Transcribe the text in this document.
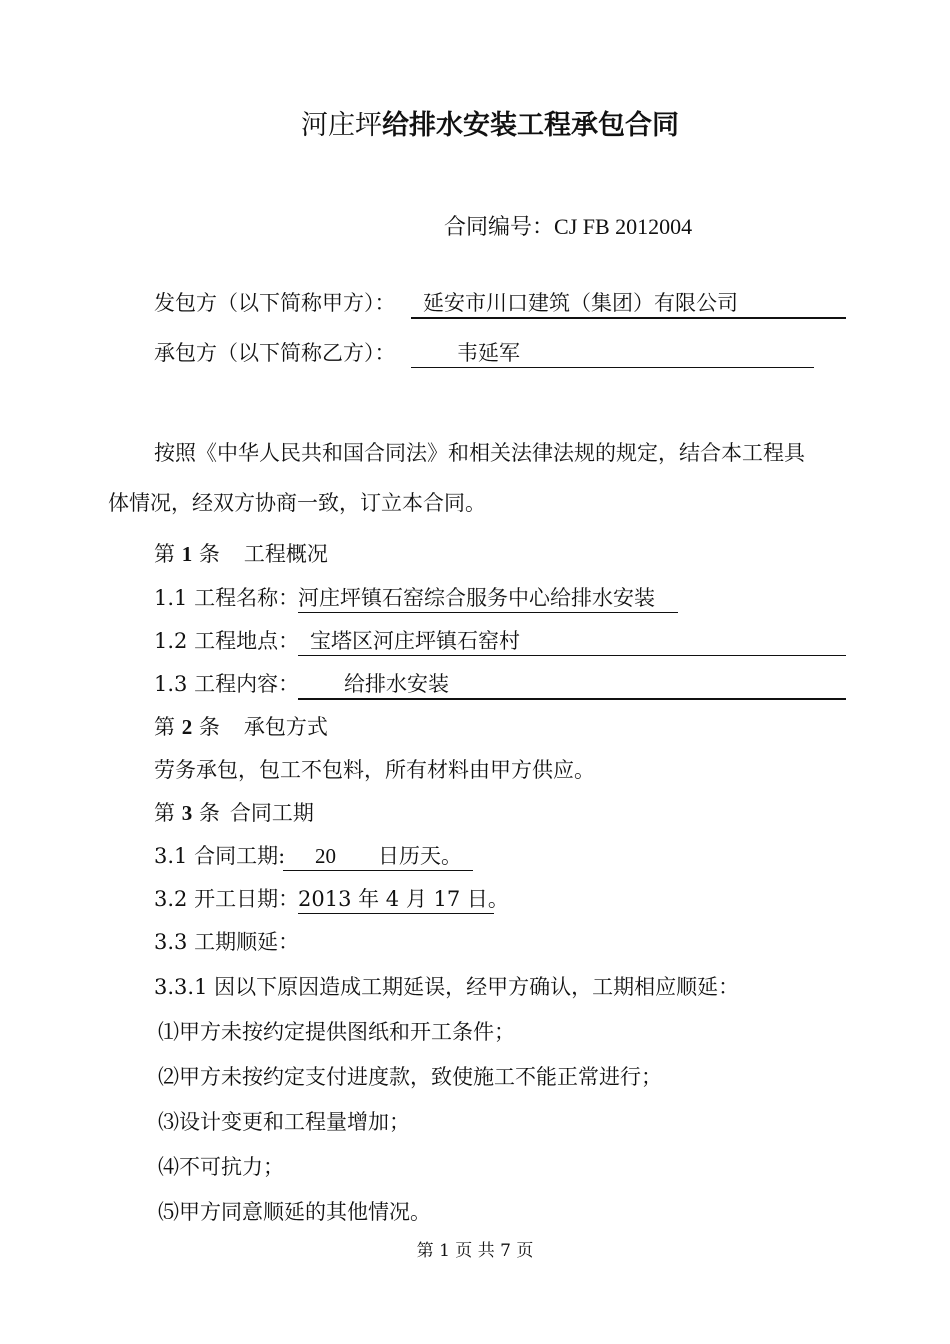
河庄坪给排水安装工程承包合同
合同编号：CJ FB 2012004
发包方（以下简称甲方）：	延安市川口建筑（集团）有限公司
承包方（以下简称乙方）：	韦延军
按照《中华人民共和国合同法》和相关法律法规的规定，结合本工程具
体情况，经双方协商一致，订立本合同。
第 1 条 工程概况
1.1 工程名称：
河庄坪镇石窑综合服务中心给排水安装
1.2 工程地点： 宝塔区河庄坪镇石窑村
1.3 工程内容：	给排水安装
第 2 条 承包方式
劳务承包，包工不包料，所有材料由甲方供应。
第 3 条 合同工期
3.1 合同工期:	20 日历天。
3.2 开工日期：
2013 年 4 月 17 日。
3.3 工期顺延：
3.3.1 因以下原因造成工期延误，经甲方确认，工期相应顺延：
⑴甲方未按约定提供图纸和开工条件；
⑵甲方未按约定支付进度款，致使施工不能正常进行；
⑶设计变更和工程量增加；
⑷不可抗力；
⑸甲方同意顺延的其他情况。
第 1 页 共 7 页
